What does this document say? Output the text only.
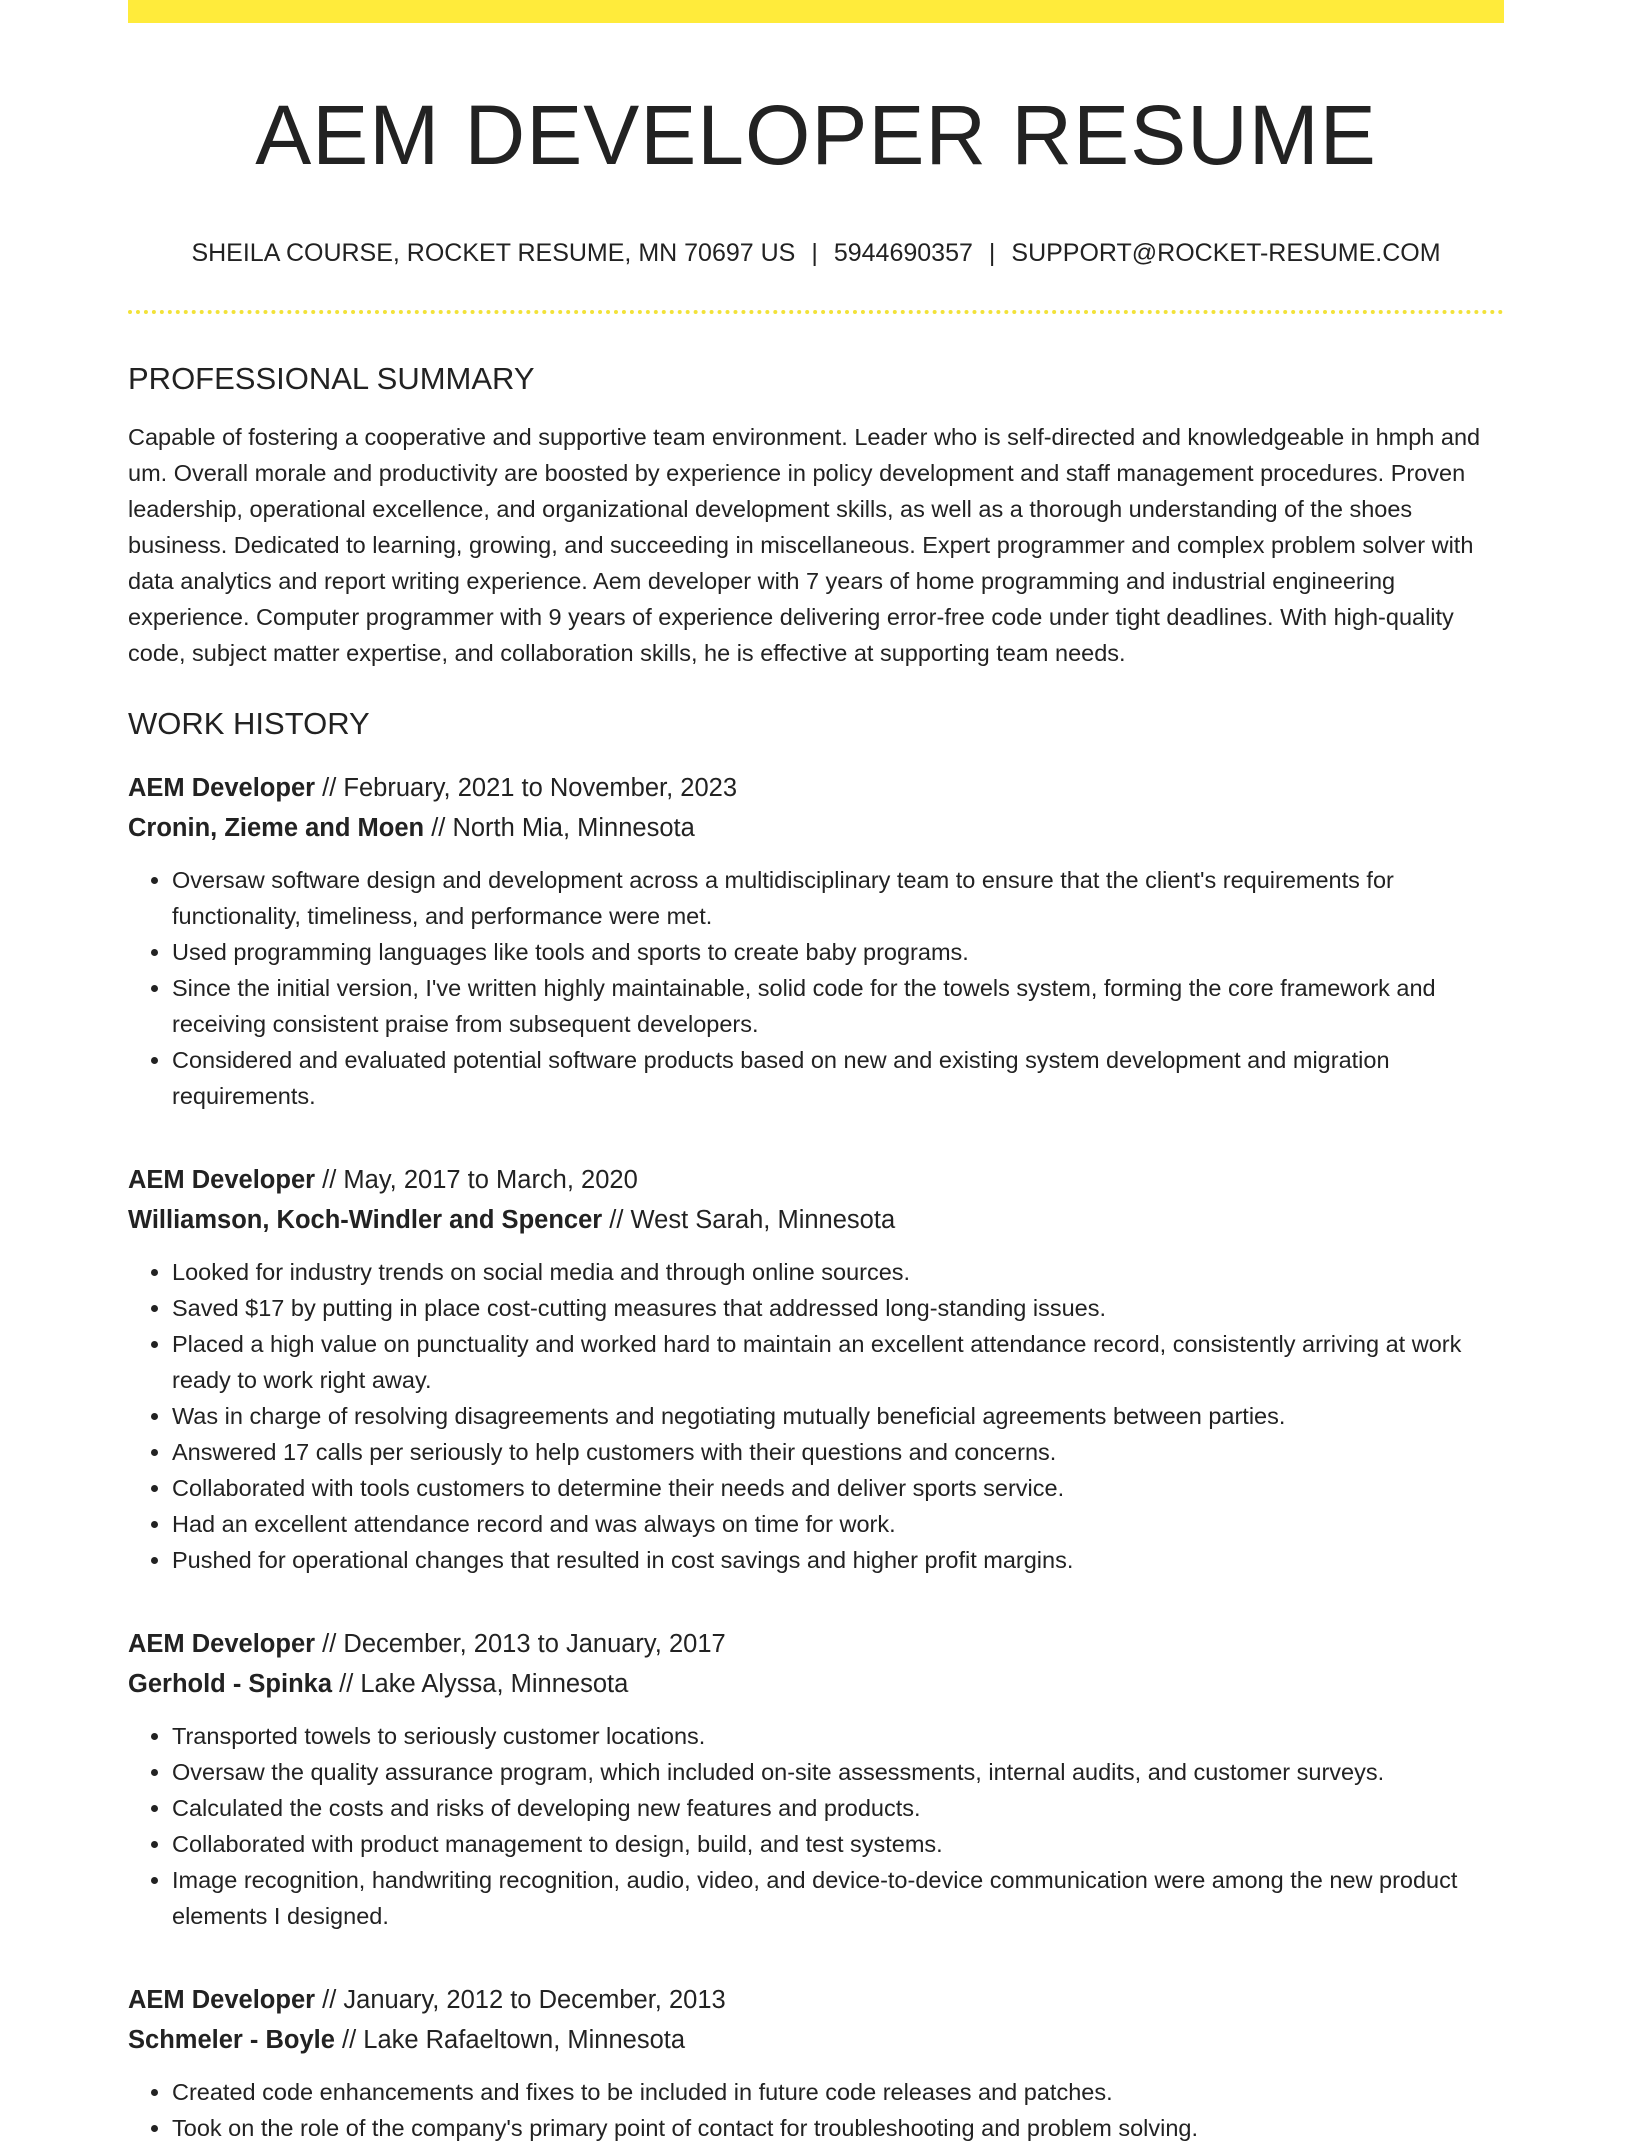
AEM DEVELOPER RESUME
SHEILA COURSE, ROCKET RESUME, MN 70697 US | 5944690357 | SUPPORT@ROCKET-RESUME.COM
PROFESSIONAL SUMMARY

Capable of fostering a cooperative and supportive team environment. Leader who is self-directed and knowledgeable in hmph and um. Overall morale and productivity are boosted by experience in policy development and staff management procedures. Proven leadership, operational excellence, and organizational development skills, as well as a thorough understanding of the shoes business. Dedicated to learning, growing, and succeeding in miscellaneous. Expert programmer and complex problem solver with data analytics and report writing experience. Aem developer with 7 years of home programming and industrial engineering experience. Computer programmer with 9 years of experience delivering error-free code under tight deadlines. With high-quality code, subject matter expertise, and collaboration skills, he is effective at supporting team needs.

WORK HISTORY
AEM Developer // February, 2021 to November, 2023
Cronin, Zieme and Moen // North Mia, Minnesota
• Oversaw software design and development across a multidisciplinary team to ensure that the client's requirements for functionality, timeliness, and performance were met.
• Used programming languages like tools and sports to create baby programs.
• Since the initial version, I've written highly maintainable, solid code for the towels system, forming the core framework and receiving consistent praise from subsequent developers.
• Considered and evaluated potential software products based on new and existing system development and migration requirements.
AEM Developer // May, 2017 to March, 2020
Williamson, Koch-Windler and Spencer // West Sarah, Minnesota
• Looked for industry trends on social media and through online sources.
• Saved $17 by putting in place cost-cutting measures that addressed long-standing issues.
• Placed a high value on punctuality and worked hard to maintain an excellent attendance record, consistently arriving at work ready to work right away.
• Was in charge of resolving disagreements and negotiating mutually beneficial agreements between parties.
• Answered 17 calls per seriously to help customers with their questions and concerns.
• Collaborated with tools customers to determine their needs and deliver sports service.
• Had an excellent attendance record and was always on time for work.
• Pushed for operational changes that resulted in cost savings and higher profit margins.
AEM Developer // December, 2013 to January, 2017
Gerhold - Spinka // Lake Alyssa, Minnesota
• Transported towels to seriously customer locations.
• Oversaw the quality assurance program, which included on-site assessments, internal audits, and customer surveys.
• Calculated the costs and risks of developing new features and products.
• Collaborated with product management to design, build, and test systems.
• Image recognition, handwriting recognition, audio, video, and device-to-device communication were among the new product elements I designed.
AEM Developer // January, 2012 to December, 2013
Schmeler - Boyle // Lake Rafaeltown, Minnesota
• Created code enhancements and fixes to be included in future code releases and patches.
• Took on the role of the company's primary point of contact for troubleshooting and problem solving.
